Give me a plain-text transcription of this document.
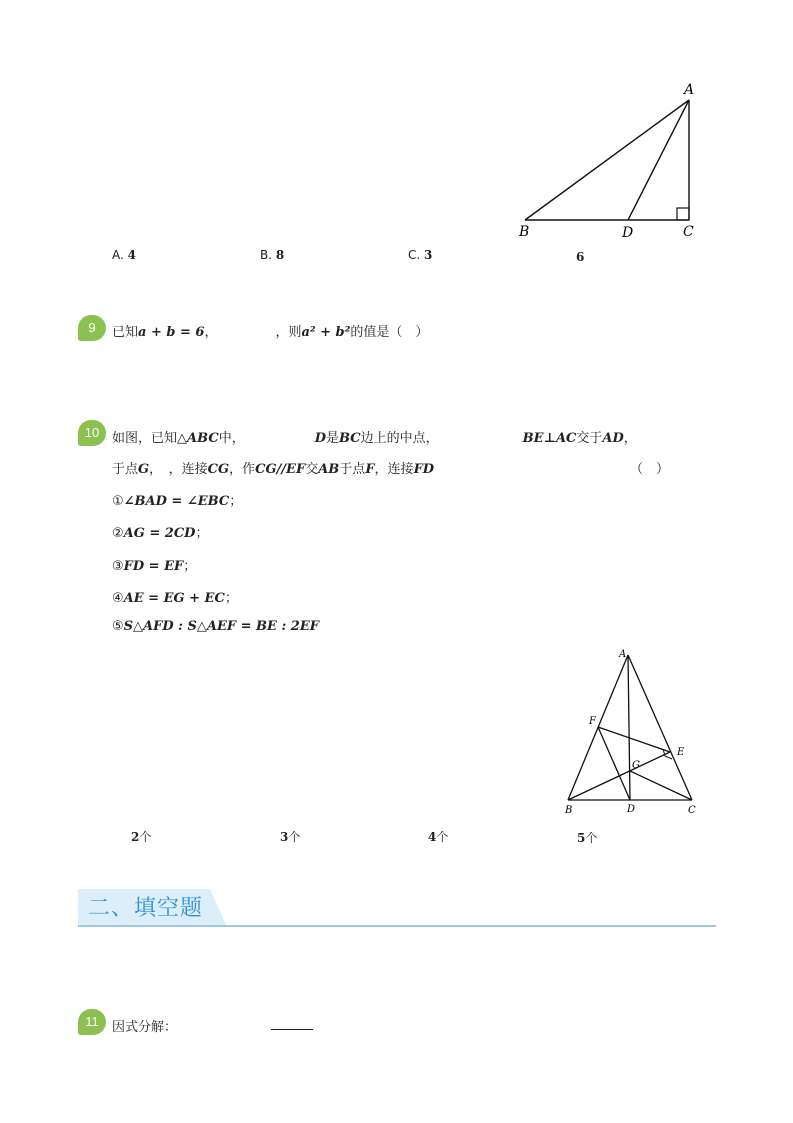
A
B	D	C
A. 4	B. 8	C. 3	6
9	已知a + b = 6，	，则a² + b²的值是（　）
10 如图，已知△ABC中，	D是BC边上的中点，	BE⊥AC交于AD，
于点G，　，连接CG，作CG//EF交AB于点F，连接FD	（　）
①∠BAD = ∠EBC；
②AG = 2CD；
③FD = EF；
④AE = EG + EC；
⑤S△AFD : S△AEF = BE : 2EF
A
F
E
G
B	D	C
2个	3个	4个	5个
二、填空题
11	因式分解：
